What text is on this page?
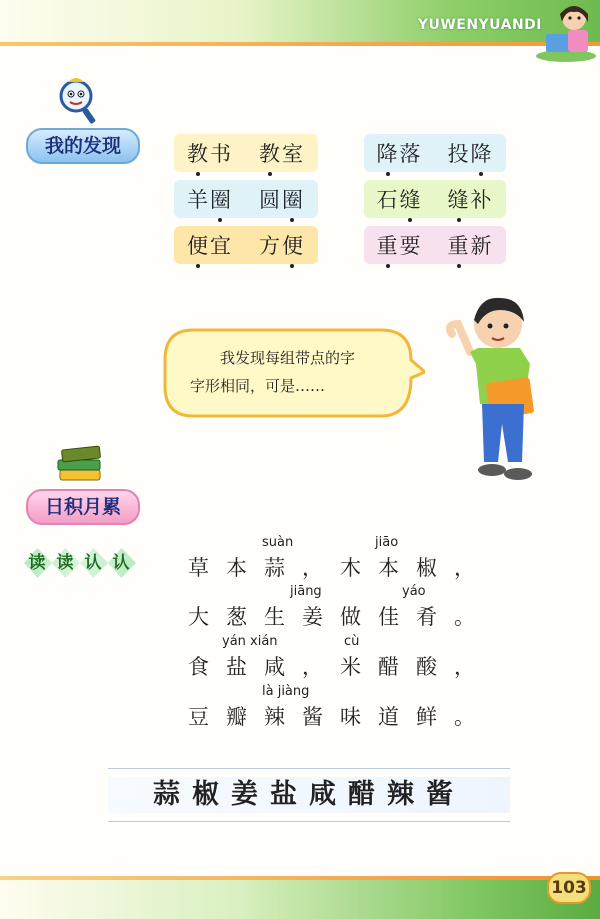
YUWENYUANDI
我的发现	教书 教室
羊圈 圆圈
便宜 方便
降落 投降
石缝 缝补
重要 重新
我发现每组带点的字
字形相同，可是……
日积月累
读 读 认 认
suàn	jiāo
草本蒜，木本椒，
jiāng	yáo
大葱生姜做佳肴。
yán xián	cù
食盐咸，米醋酸，
là jiàng
豆瓣辣酱味道鲜。
蒜椒姜盐咸醋辣酱
103
